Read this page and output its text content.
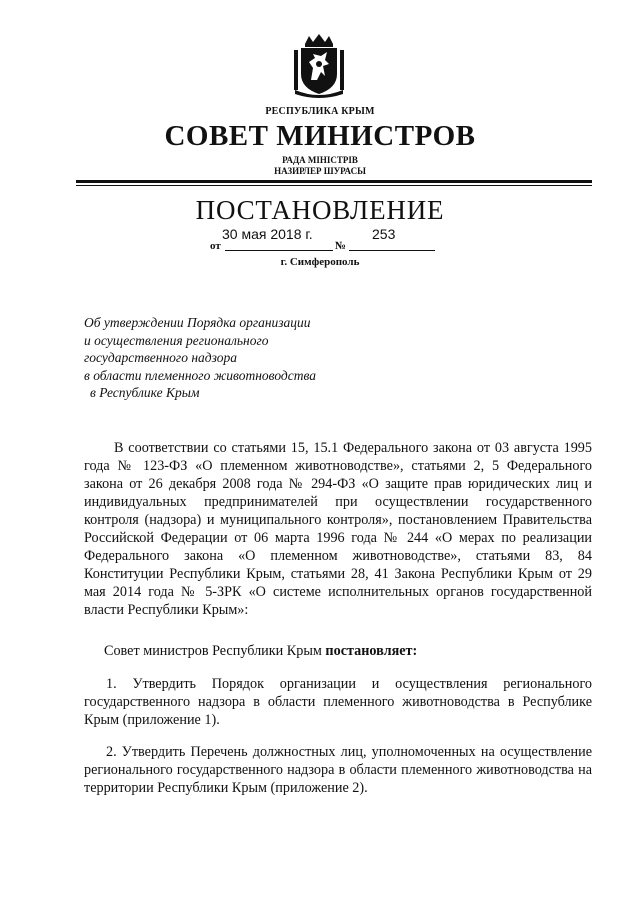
РЕСПУБЛИКА КРЫМ
СОВЕТ МИНИСТРОВ
РАДА МІНІСТРІВ
НАЗИРЛЕР ШУРАСЫ
ПОСТАНОВЛЕНИЕ
30 мая 2018 г.	253
от	№
г. Симферополь
Об утверждении Порядка организации
и осуществления регионального
государственного надзора
в области племенного животноводства
в Республике Крым
В соответствии со статьями 15, 15.1 Федерального закона от 03 августа 1995 года № 123-ФЗ «О племенном животноводстве», статьями 2, 5 Федерального закона от 26 декабря 2008 года № 294-ФЗ «О защите прав юридических лиц и индивидуальных предпринимателей при осуществлении государственного контроля (надзора) и муниципального контроля», постановлением Правительства Российской Федерации от 06 марта 1996 года № 244 «О мерах по реализации Федерального закона «О племенном животноводстве», статьями 83, 84 Конституции Республики Крым, статьями 28, 41 Закона Республики Крым от 29 мая 2014 года № 5-ЗРК «О системе исполнительных органов государственной власти Республики Крым»:
Совет министров Республики Крым постановляет:
1. Утвердить Порядок организации и осуществления регионального государственного надзора в области племенного животноводства в Республике Крым (приложение 1).
2. Утвердить Перечень должностных лиц, уполномоченных на осуществление регионального государственного надзора в области племенного животноводства на территории Республики Крым (приложение 2).
